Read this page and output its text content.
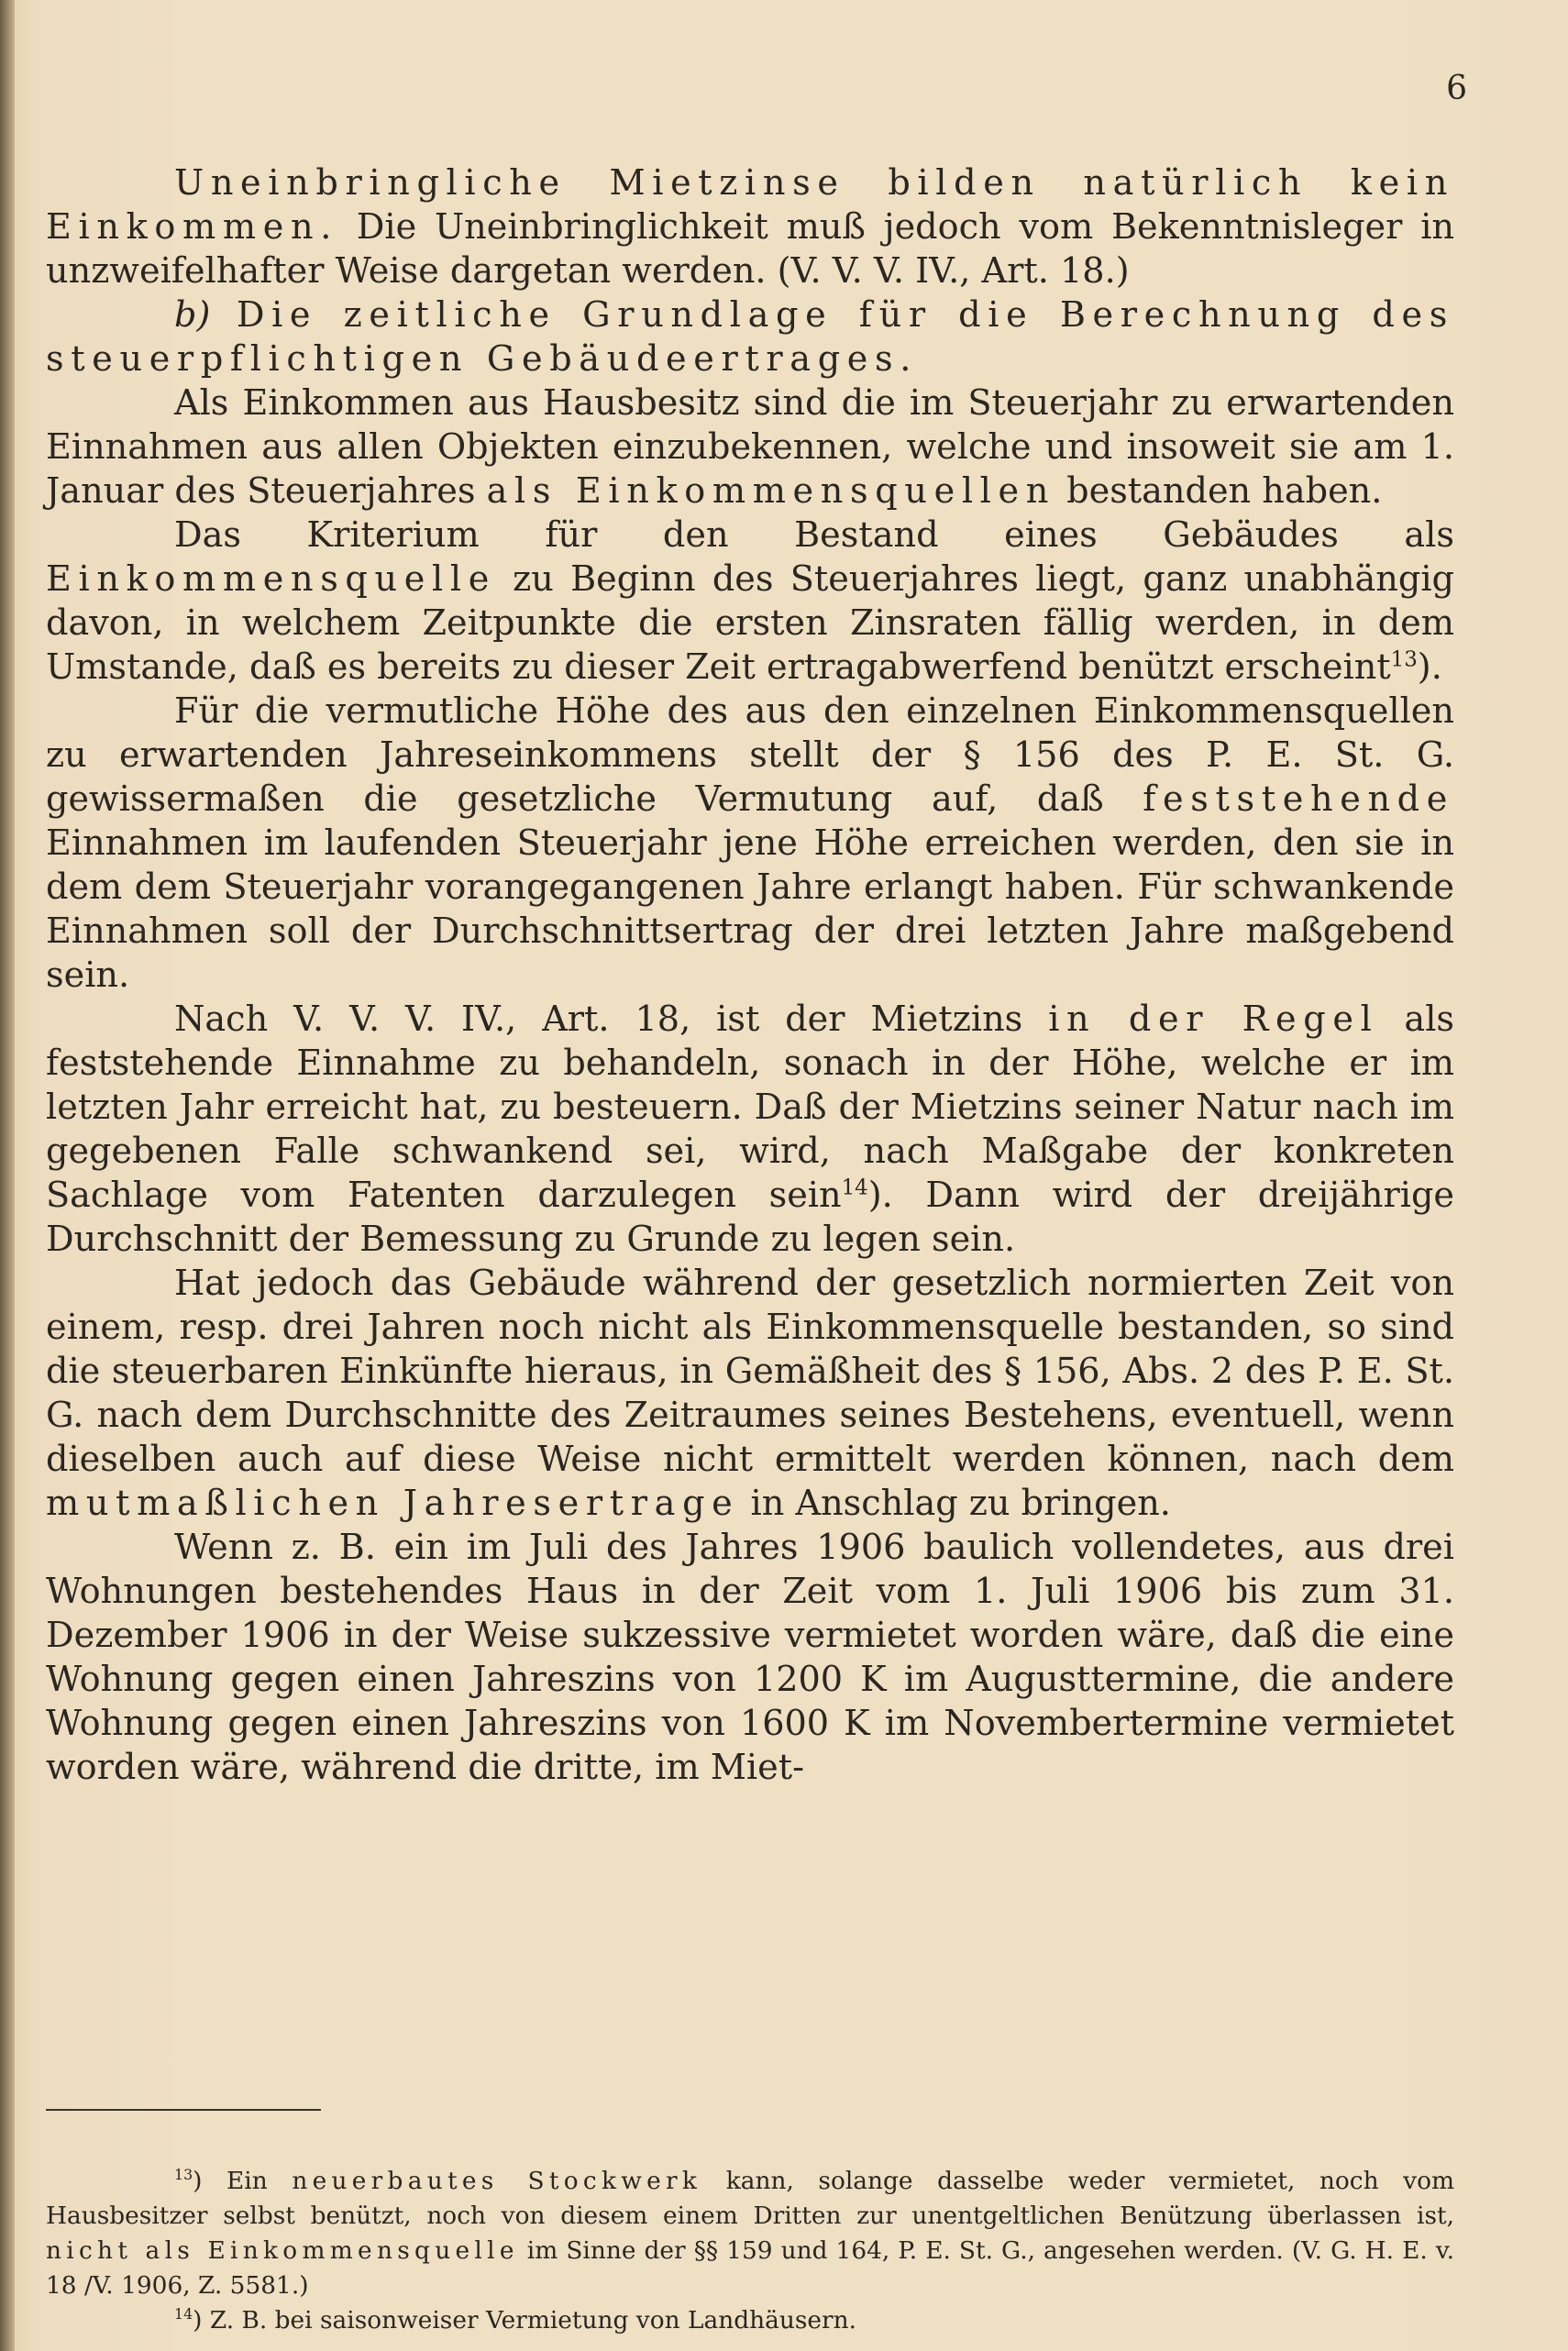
6

Uneinbringliche Mietzinse bilden natürlich kein Einkommen. Die Uneinbringlichkeit muß jedoch vom Bekenntnisleger in unzweifelhafter Weise dargetan werden. (V. V. V. IV., Art. 18.)

b) Die zeitliche Grundlage für die Berechnung des steuerpflichtigen Gebäudeertrages.

Als Einkommen aus Hausbesitz sind die im Steuerjahr zu erwartenden Einnahmen aus allen Objekten einzubekennen, welche und insoweit sie am 1. Januar des Steuerjahres als Einkommensquellen bestanden haben.

Das Kriterium für den Bestand eines Gebäudes als Einkommensquelle zu Beginn des Steuerjahres liegt, ganz unabhängig davon, in welchem Zeitpunkte die ersten Zinsraten fällig werden, in dem Umstande, daß es bereits zu dieser Zeit ertragabwerfend benützt erscheint$^{13}$).

Für die vermutliche Höhe des aus den einzelnen Einkommensquellen zu erwartenden Jahreseinkommens stellt der § 156 des P. E. St. G. gewissermaßen die gesetzliche Vermutung auf, daß feststehende Einnahmen im laufenden Steuerjahr jene Höhe erreichen werden, den sie in dem dem Steuerjahr vorangegangenen Jahre erlangt haben. Für schwankende Einnahmen soll der Durchschnittsertrag der drei letzten Jahre maßgebend sein.

Nach V. V. V. IV., Art. 18, ist der Mietzins in der Regel als feststehende Einnahme zu behandeln, sonach in der Höhe, welche er im letzten Jahr erreicht hat, zu besteuern. Daß der Mietzins seiner Natur nach im gegebenen Falle schwankend sei, wird, nach Maßgabe der konkreten Sachlage vom Fatenten darzulegen sein$^{14}$). Dann wird der dreijährige Durchschnitt der Bemessung zu Grunde zu legen sein.

Hat jedoch das Gebäude während der gesetzlich normierten Zeit von einem, resp. drei Jahren noch nicht als Einkommensquelle bestanden, so sind die steuerbaren Einkünfte hieraus, in Gemäßheit des § 156, Abs. 2 des P. E. St. G. nach dem Durchschnitte des Zeitraumes seines Bestehens, eventuell, wenn dieselben auch auf diese Weise nicht ermittelt werden können, nach dem mutmaßlichen Jahresertrage in Anschlag zu bringen.

Wenn z. B. ein im Juli des Jahres 1906 baulich vollendetes, aus drei Wohnungen bestehendes Haus in der Zeit vom 1. Juli 1906 bis zum 31. Dezember 1906 in der Weise sukzessive vermietet worden wäre, daß die eine Wohnung gegen einen Jahreszins von 1200 K im Augusttermine, die andere Wohnung gegen einen Jahreszins von 1600 K im Novembertermine vermietet worden wäre, während die dritte, im Miet-

$^{13}$) Ein neuerbautes Stockwerk kann, solange dasselbe weder vermietet, noch vom Hausbesitzer selbst benützt, noch von diesem einem Dritten zur unentgeltlichen Benützung überlassen ist, nicht als Einkommensquelle im Sinne der §§ 159 und 164, P. E. St. G., angesehen werden. (V. G. H. E. v. 18 /V. 1906, Z. 5581.)

$^{14}$) Z. B. bei saisonweiser Vermietung von Landhäusern.
